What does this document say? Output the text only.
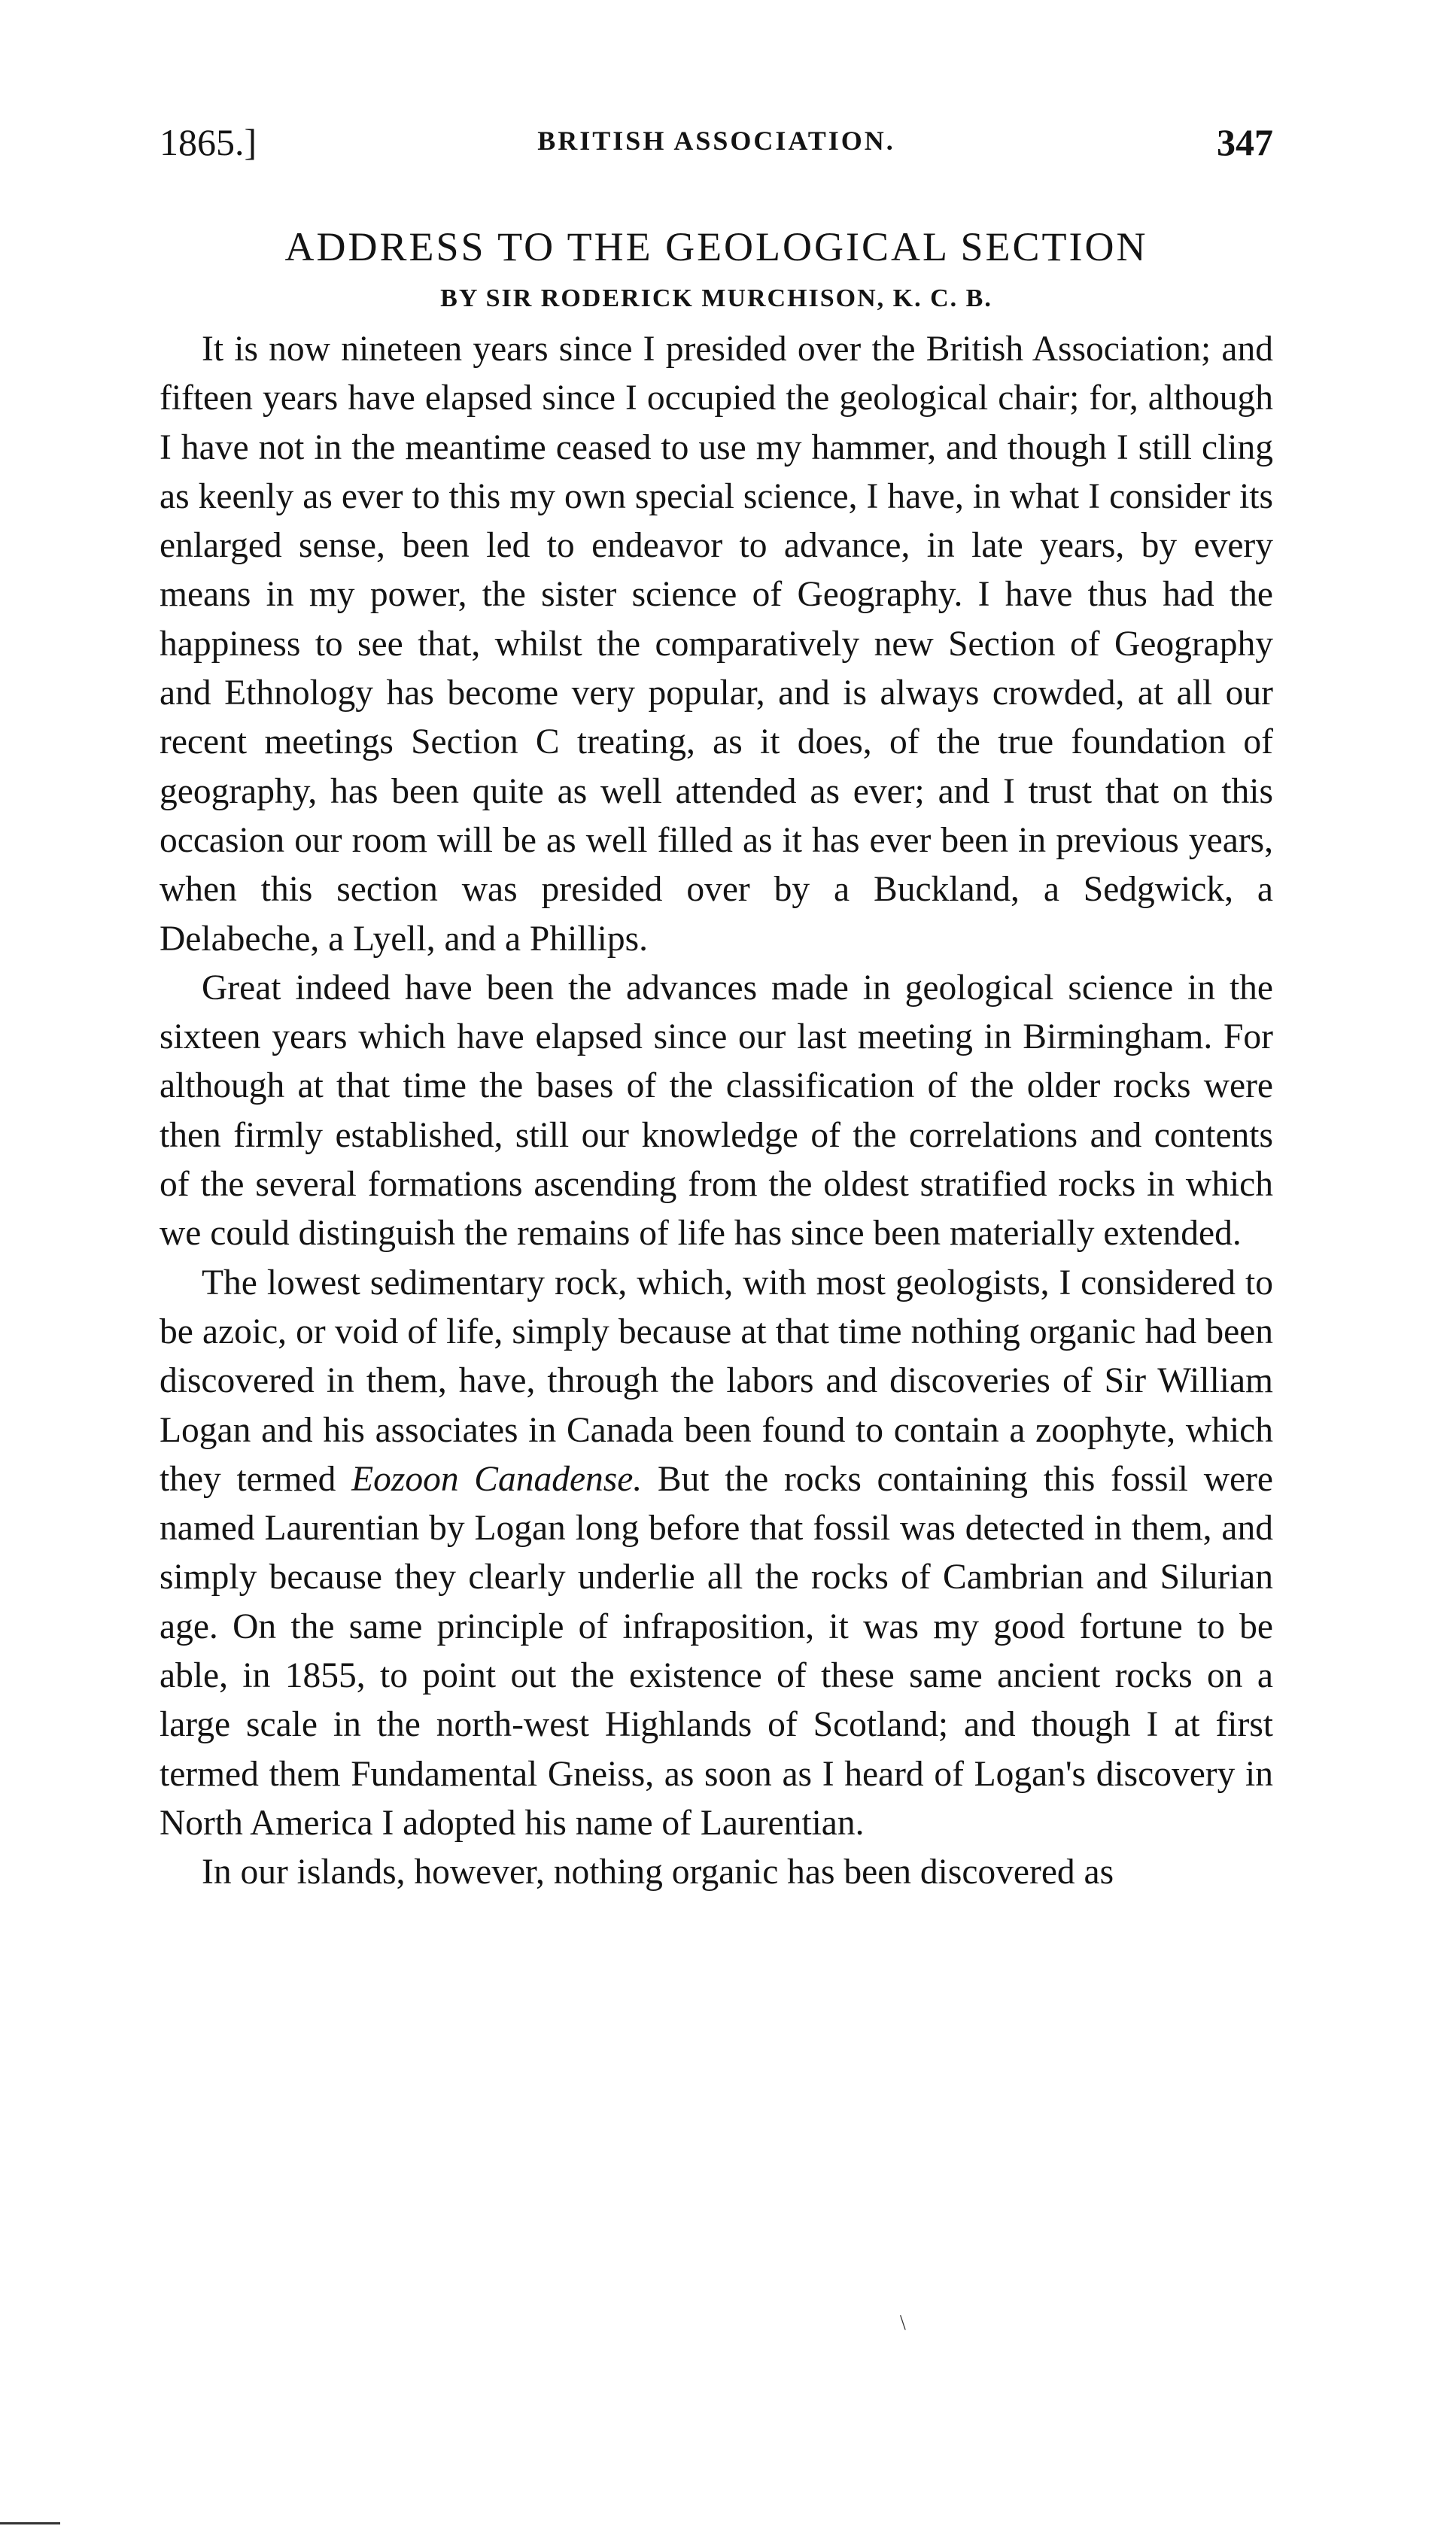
1865.]	BRITISH ASSOCIATION.	347
ADDRESS TO THE GEOLOGICAL SECTION
BY SIR RODERICK MURCHISON, K. C. B.

It is now nineteen years since I presided over the British Association; and fifteen years have elapsed since I occupied the geological chair; for, although I have not in the meantime ceased to use my hammer, and though I still cling as keenly as ever to this my own special science, I have, in what I consider its enlarged sense, been led to endeavor to advance, in late years, by every means in my power, the sister science of Geography. I have thus had the happiness to see that, whilst the comparatively new Section of Geography and Ethnology has become very popular, and is always crowded, at all our recent meetings Section C treating, as it does, of the true foundation of geography, has been quite as well attended as ever; and I trust that on this occasion our room will be as well filled as it has ever been in previous years, when this section was presided over by a Buckland, a Sedgwick, a Delabeche, a Lyell, and a Phillips.

Great indeed have been the advances made in geological science in the sixteen years which have elapsed since our last meeting in Birmingham. For although at that time the bases of the classification of the older rocks were then firmly established, still our knowledge of the correlations and contents of the several formations ascending from the oldest stratified rocks in which we could distinguish the remains of life has since been materially extended.

The lowest sedimentary rock, which, with most geologists, I considered to be azoic, or void of life, simply because at that time nothing organic had been discovered in them, have, through the labors and discoveries of Sir William Logan and his associates in Canada been found to contain a zoophyte, which they termed Eozoon Canadense. But the rocks containing this fossil were named Laurentian by Logan long before that fossil was detected in them, and simply because they clearly underlie all the rocks of Cambrian and Silurian age. On the same principle of infraposition, it was my good fortune to be able, in 1855, to point out the existence of these same ancient rocks on a large scale in the north-west Highlands of Scotland; and though I at first termed them Fundamental Gneiss, as soon as I heard of Logan's discovery in North America I adopted his name of Laurentian.

In our islands, however, nothing organic has been discovered as

\
